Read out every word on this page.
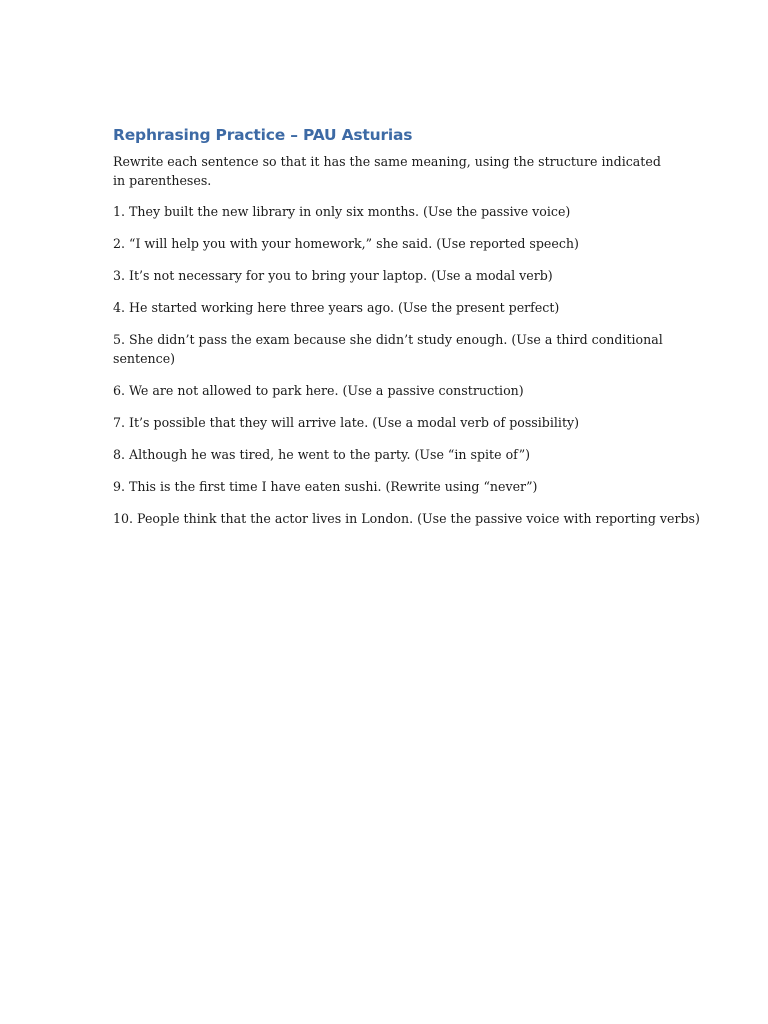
Rephrasing Practice – PAU Asturias

Rewrite each sentence so that it has the same meaning, using the structure indicated in parentheses.

1. They built the new library in only six months. (Use the passive voice)
2. “I will help you with your homework,” she said. (Use reported speech)
3. It’s not necessary for you to bring your laptop. (Use a modal verb)
4. He started working here three years ago. (Use the present perfect)
5. She didn’t pass the exam because she didn’t study enough. (Use a third conditional sentence)
6. We are not allowed to park here. (Use a passive construction)
7. It’s possible that they will arrive late. (Use a modal verb of possibility)
8. Although he was tired, he went to the party. (Use “in spite of”)
9. This is the first time I have eaten sushi. (Rewrite using “never”)
10. People think that the actor lives in London. (Use the passive voice with reporting verbs)
